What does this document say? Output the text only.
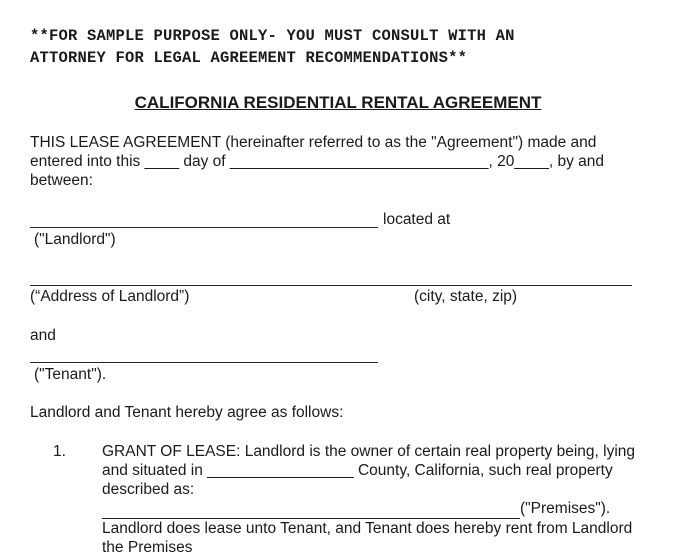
**FOR SAMPLE PURPOSE ONLY- YOU MUST CONSULT WITH AN
ATTORNEY FOR LEGAL AGREEMENT RECOMMENDATIONS**
CALIFORNIA RESIDENTIAL RENTAL AGREEMENT
THIS LEASE AGREEMENT (hereinafter referred to as the "Agreement") made and
entered into this ____ day of ______________________________, 20____, by and
between:
located at
("Landlord")
(“Address of Landlord”)	(city, state, zip)
and
("Tenant").
Landlord and Tenant hereby agree as follows:
1. GRANT OF LEASE: Landlord is the owner of certain real property being, lying
and situated in _________________ County, California, such real property
described as:
("Premises").
Landlord does lease unto Tenant, and Tenant does hereby rent from Landlord
the Premises
